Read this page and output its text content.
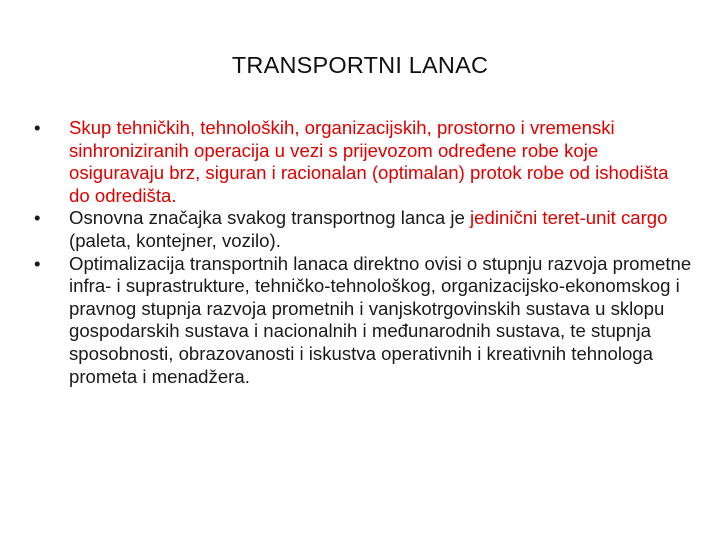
TRANSPORTNI LANAC
•	Skup tehničkih, tehnoloških, organizacijskih, prostorno i vremenski sinhroniziranih operacija u vezi s prijevozom određene robe koje osiguravaju brz, siguran i racionalan (optimalan) protok robe od ishodišta do odredišta.
•	Osnovna značajka svakog transportnog lanca je jedinični teret-unit cargo (paleta, kontejner, vozilo).
•	Optimalizacija transportnih lanaca direktno ovisi o stupnju razvoja prometne infra- i suprastrukture, tehničko-tehnološkog, organizacijsko-ekonomskog i pravnog stupnja razvoja prometnih i vanjskotrgovinskih sustava u sklopu gospodarskih sustava i nacionalnih i međunarodnih sustava, te stupnja sposobnosti, obrazovanosti i iskustva operativnih i kreativnih tehnologa prometa i menadžera.
